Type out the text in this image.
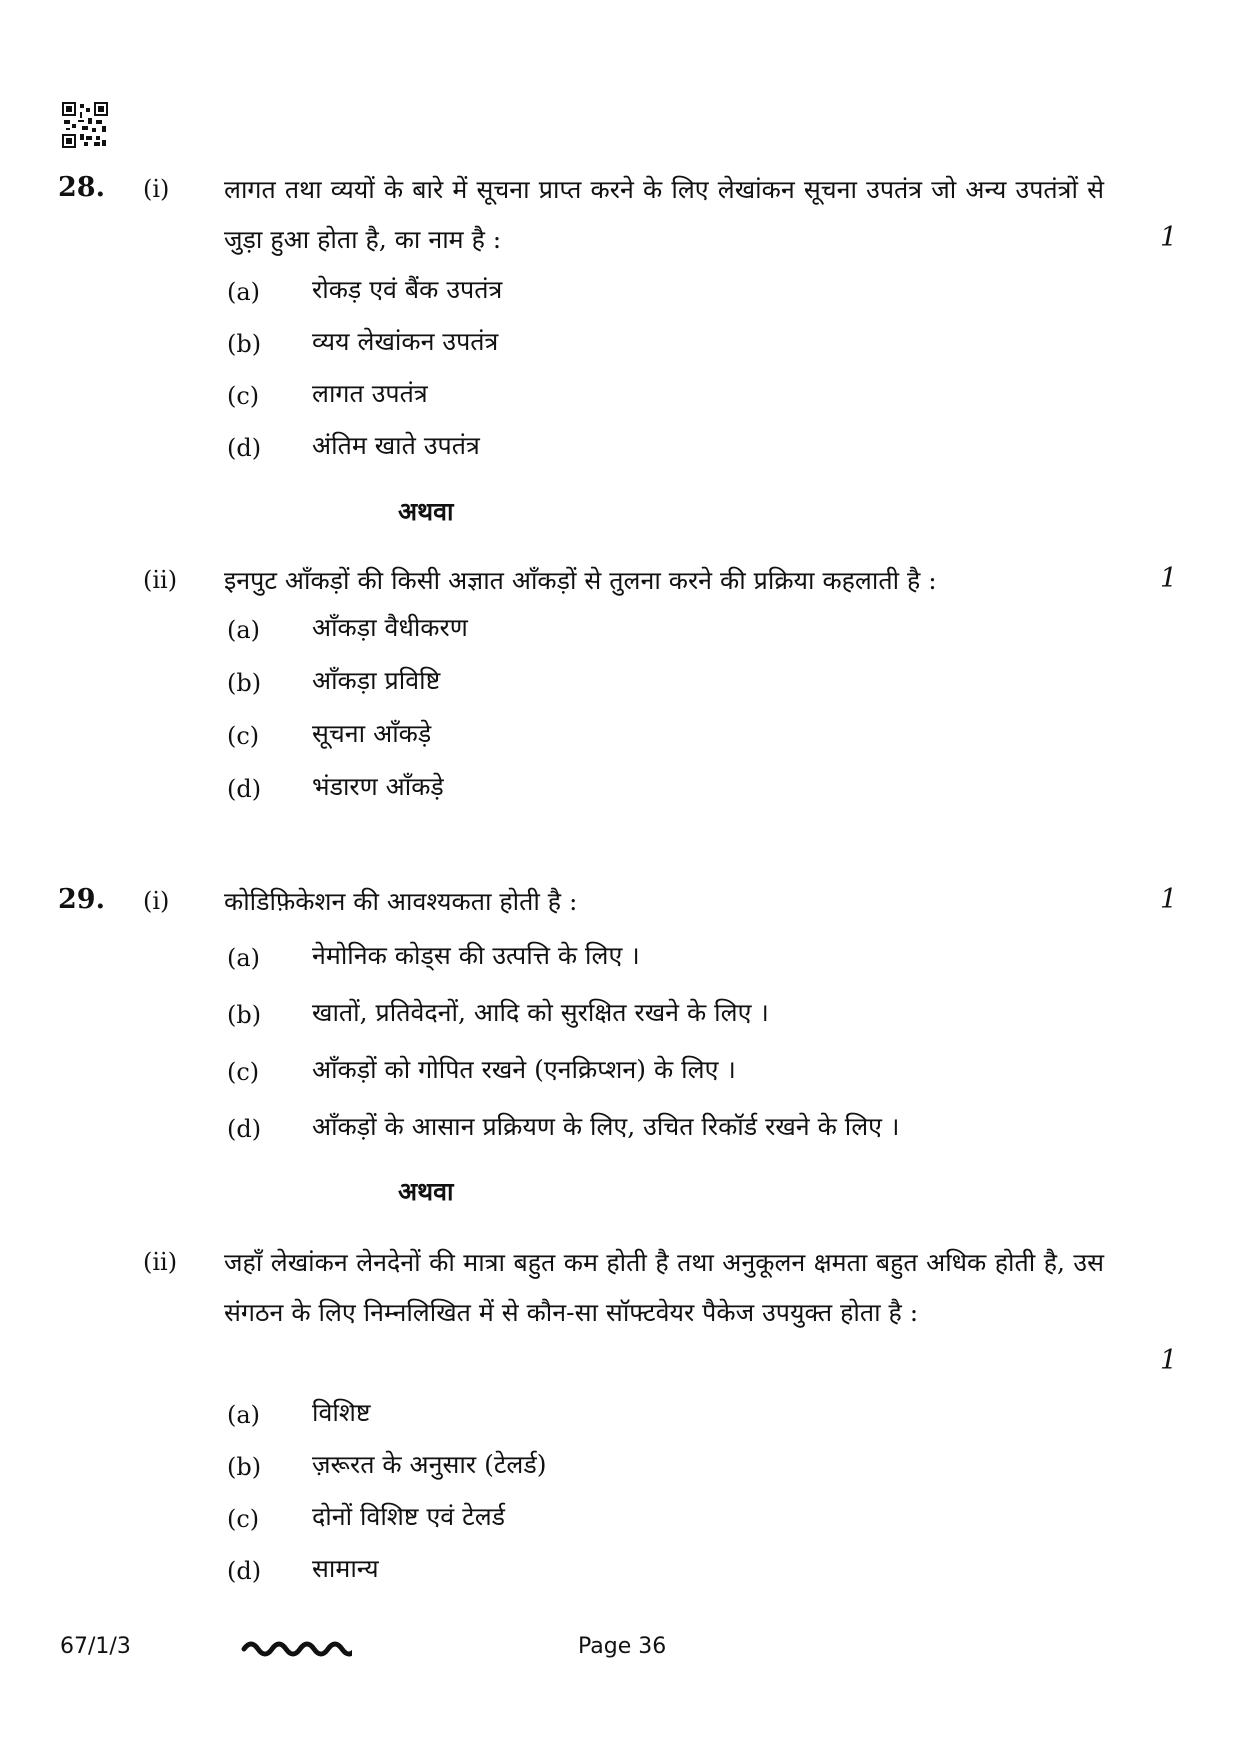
28. (i) लागत तथा व्ययों के बारे में सूचना प्राप्त करने के लिए लेखांकन सूचना उपतंत्र जो अन्य उपतंत्रों से जुड़ा हुआ होता है, का नाम है :	1
(a) रोकड़ एवं बैंक उपतंत्र
(b) व्यय लेखांकन उपतंत्र
(c) लागत उपतंत्र
(d) अंतिम खाते उपतंत्र
अथवा
(ii) इनपुट आँकड़ों की किसी अज्ञात आँकड़ों से तुलना करने की प्रक्रिया कहलाती है :	1
(a) आँकड़ा वैधीकरण
(b) आँकड़ा प्रविष्टि
(c) सूचना आँकड़े
(d) भंडारण आँकड़े
29. (i) कोडिफ़िकेशन की आवश्यकता होती है :	1
(a) नेमोनिक कोड्स की उत्पत्ति के लिए ।
(b) खातों, प्रतिवेदनों, आदि को सुरक्षित रखने के लिए ।
(c) आँकड़ों को गोपित रखने (एनक्रिप्शन) के लिए ।
(d) आँकड़ों के आसान प्रक्रियण के लिए, उचित रिकॉर्ड रखने के लिए ।
अथवा
(ii) जहाँ लेखांकन लेनदेनों की मात्रा बहुत कम होती है तथा अनुकूलन क्षमता बहुत अधिक होती है, उस संगठन के लिए निम्नलिखित में से कौन-सा सॉफ्टवेयर पैकेज उपयुक्त होता है :
1
(a) विशिष्ट
(b) ज़रूरत के अनुसार (टेलर्ड)
(c) दोनों विशिष्ट एवं टेलर्ड
(d) सामान्य
67/1/3	Page 36
